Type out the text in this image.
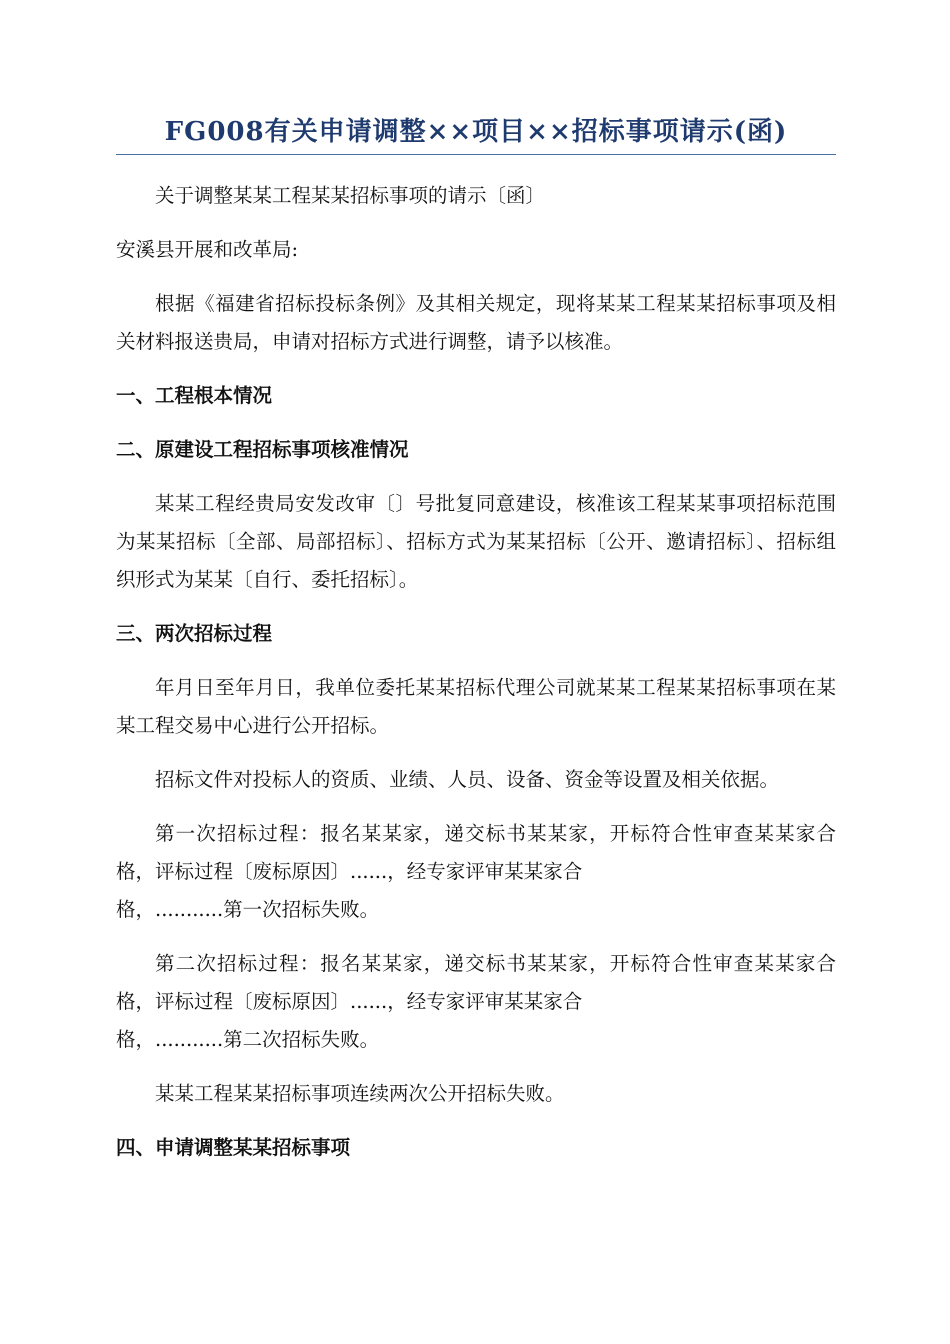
FG008有关申请调整××项目××招标事项请示(函)

关于调整某某工程某某招标事项的请示〔函〕

安溪县开展和改革局:

根据《福建省招标投标条例》及其相关规定，现将某某工程某某招标事项及相关材料报送贵局，申请对招标方式进行调整，请予以核准。

一、工程根本情况

二、原建设工程招标事项核准情况

某某工程经贵局安发改审〔〕号批复同意建设，核准该工程某某事项招标范围为某某招标〔全部、局部招标〕、招标方式为某某招标〔公开、邀请招标〕、招标组织形式为某某〔自行、委托招标〕。

三、两次招标过程

年月日至年月日，我单位委托某某招标代理公司就某某工程某某招标事项在某某工程交易中心进行公开招标。

招标文件对投标人的资质、业绩、人员、设备、资金等设置及相关依据。

第一次招标过程：报名某某家，递交标书某某家，开标符合性审查某某家合格，评标过程〔废标原因〕......，经专家评审某某家合

格，...........第一次招标失败。

第二次招标过程：报名某某家，递交标书某某家，开标符合性审查某某家合格，评标过程〔废标原因〕......，经专家评审某某家合

格，...........第二次招标失败。

某某工程某某招标事项连续两次公开招标失败。

四、申请调整某某招标事项
